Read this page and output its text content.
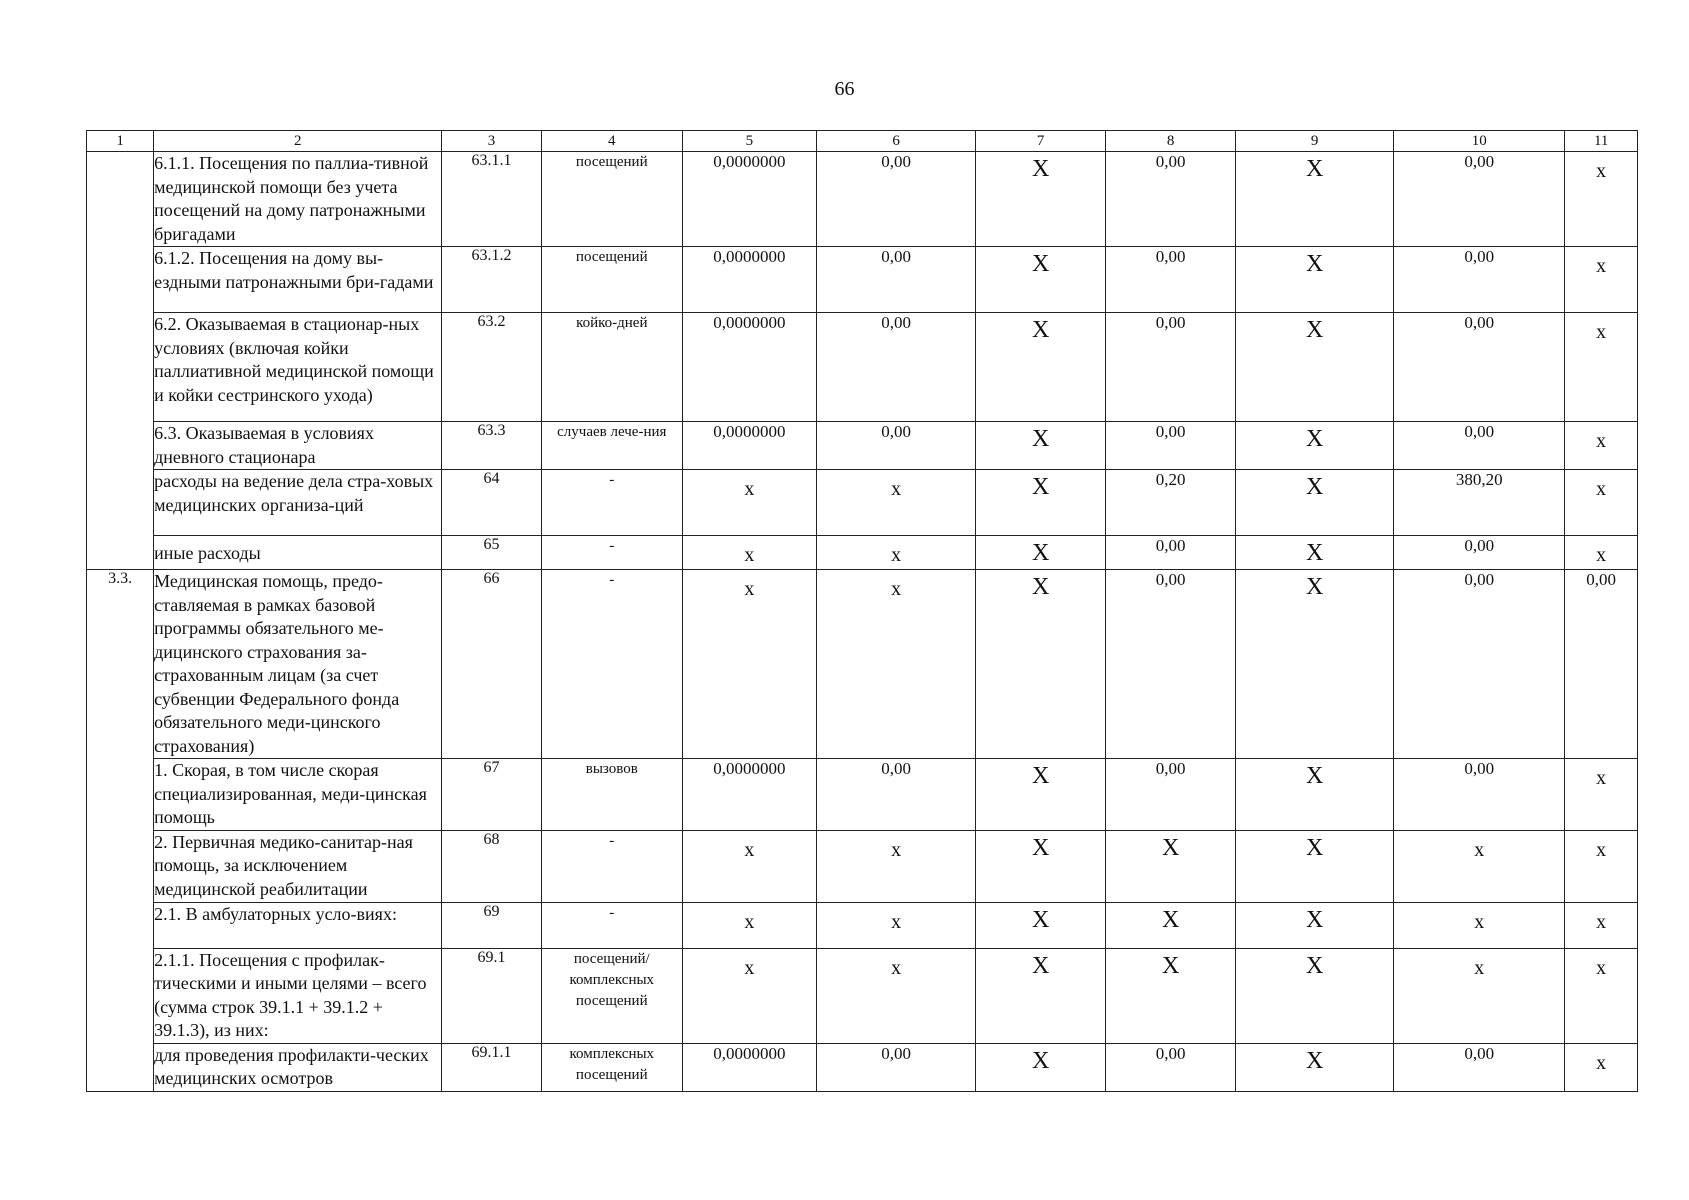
66
1	2	3	4	5	6	7	8	9	10	11
	6.1.1. Посещения по паллиа-тивной медицинской помощи без учета посещений на дому патронажными бригадами	63.1.1	посещений	0,0000000	0,00	X	0,00	X	0,00	x
	6.1.2. Посещения на дому вы-ездными патронажными бри-гадами	63.1.2	посещений	0,0000000	0,00	X	0,00	X	0,00	x
	6.2. Оказываемая в стационар-ных условиях (включая койки паллиативной медицинской помощи и койки сестринского ухода)	63.2	койко-дней	0,0000000	0,00	X	0,00	X	0,00	x
	6.3. Оказываемая в условиях дневного стационара	63.3	случаев лече-ния	0,0000000	0,00	X	0,00	X	0,00	x
	расходы на ведение дела стра-ховых медицинских организа-ций	64	-	x	x	X	0,20	X	380,20	x
	иные расходы	65	-	x	x	X	0,00	X	0,00	x
3.3.	Медицинская помощь, предо-ставляемая в рамках базовой программы обязательного ме-дицинского страхования за-страхованным лицам (за счет субвенции Федерального фонда обязательного меди-цинского страхования)	66	-	x	x	X	0,00	X	0,00	0,00
	1. Скорая, в том числе скорая специализированная, меди-цинская помощь	67	вызовов	0,0000000	0,00	X	0,00	X	0,00	x
	2. Первичная медико-санитар-ная помощь, за исключением медицинской реабилитации	68	-	x	x	X	X	X	x	x
	2.1. В амбулаторных усло-виях:	69	-	x	x	X	X	X	x	x
	2.1.1. Посещения с профилак-тическими и иными целями – всего (сумма строк 39.1.1 + 39.1.2 + 39.1.3), из них:	69.1	посещений/ комплексных посещений	x	x	X	X	X	x	x
	для проведения профилакти-ческих медицинских осмотров	69.1.1	комплексных посещений	0,0000000	0,00	X	0,00	X	0,00	x
